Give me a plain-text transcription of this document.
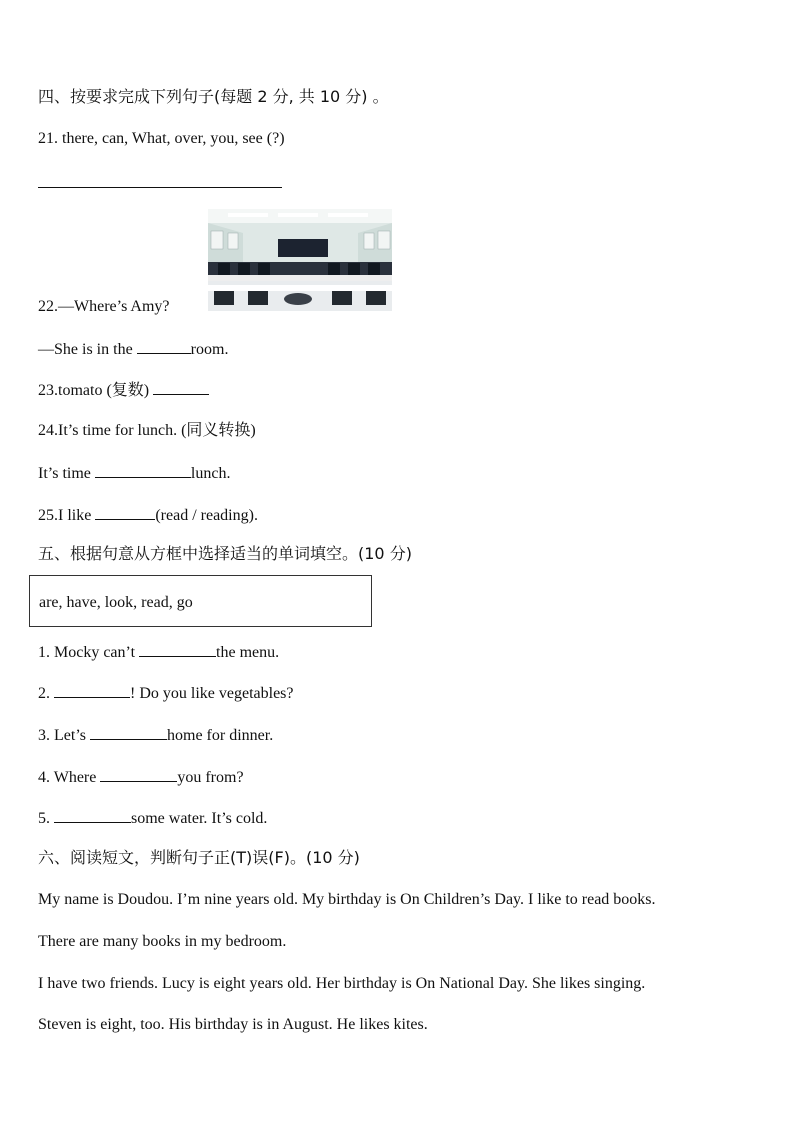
四、按要求完成下列句子(每题 2 分, 共 10 分) 。
21. there, can, What, over, you, see (?)
22.—Where’s Amy?
—She is in the	room.
23.tomato (复数)
24.It’s time for lunch. (同义转换)
It’s time	lunch.
25.I like	(read / reading).
五、根据句意从方框中选择适当的单词填空。(10 分)
are, have, look, read, go
1. Mocky can’t	the menu.
2.	! Do you like vegetables?
3. Let’s	home for dinner.
4. Where	you from?
5.	some water. It’s cold.
六、阅读短文，判断句子正(T)误(F)。(10 分)
My name is Doudou. I’m nine years old. My birthday is On Children’s Day. I like to read books.
There are many books in my bedroom.
I have two friends. Lucy is eight years old. Her birthday is On National Day. She likes singing.
Steven is eight, too. His birthday is in August. He likes kites.
